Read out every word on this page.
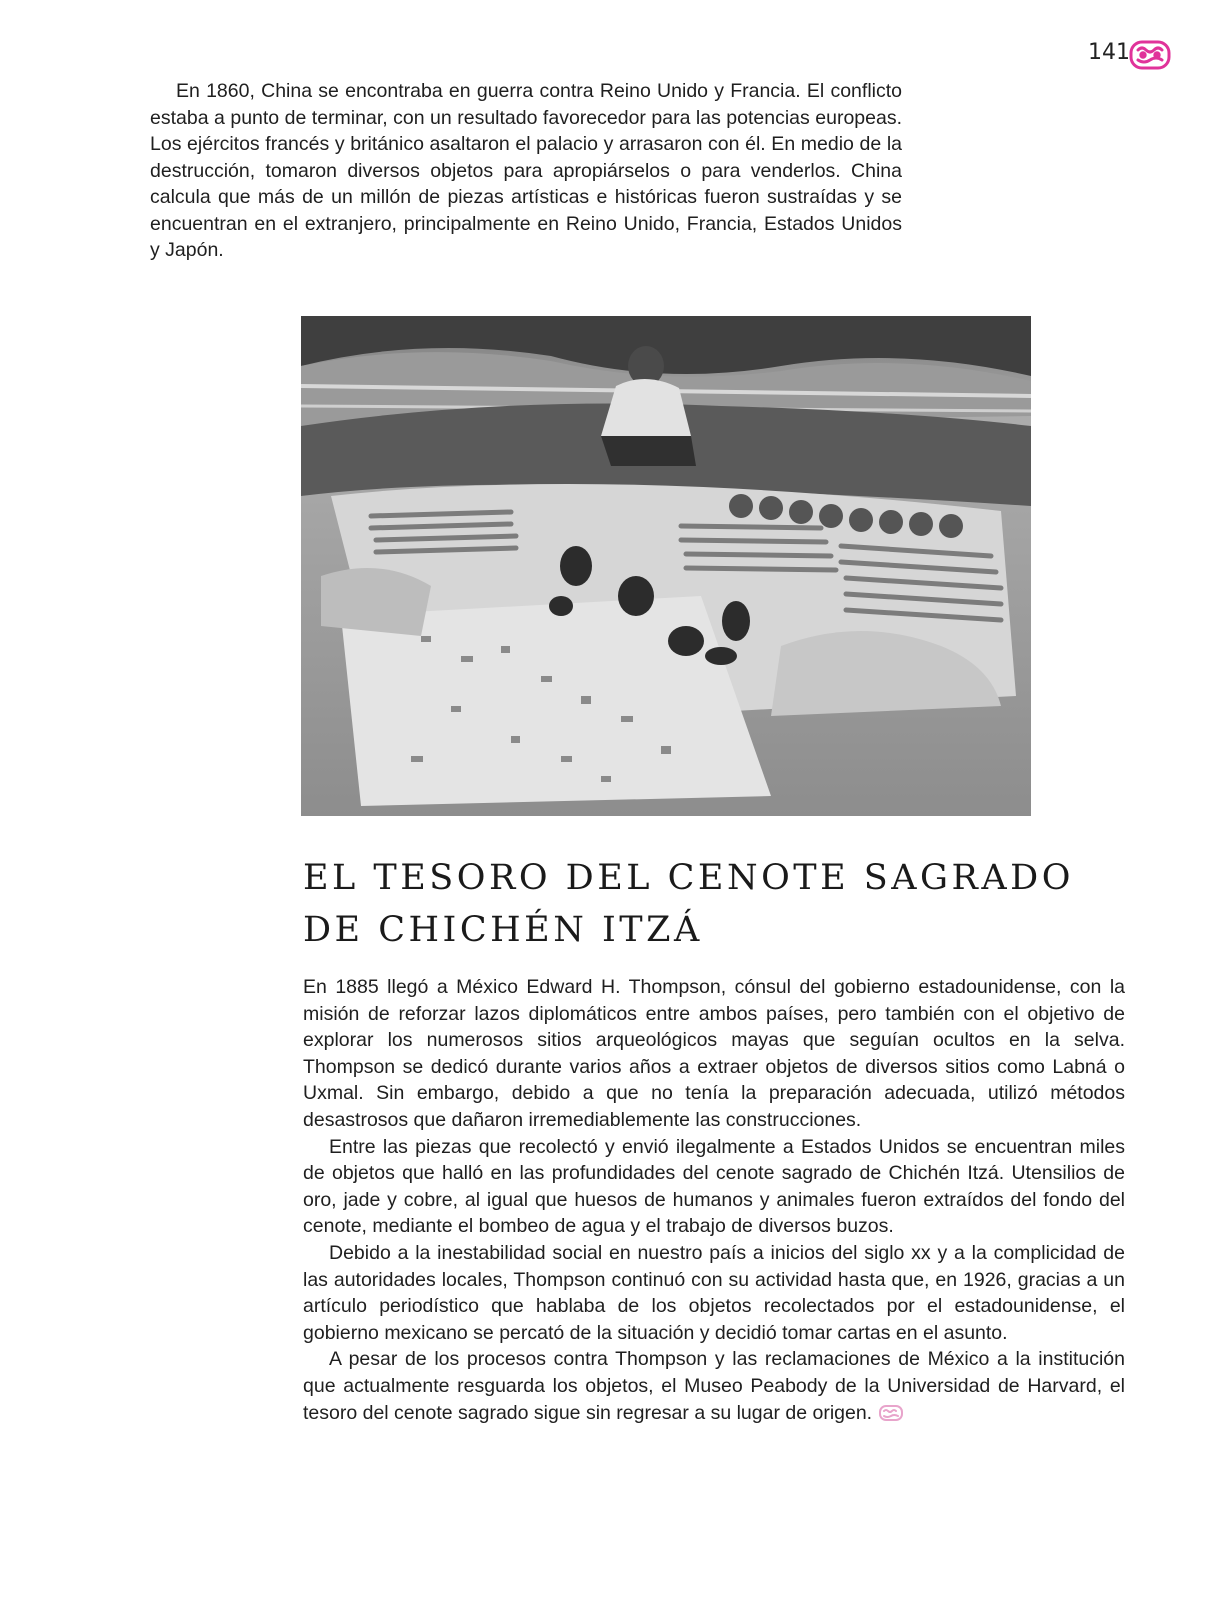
141

En 1860, China se encontraba en guerra contra Reino Unido y Francia. El conflicto estaba a punto de terminar, con un resultado favorecedor para las potencias europeas. Los ejércitos francés y británico asaltaron el palacio y arrasaron con él. En medio de la destrucción, tomaron diversos objetos para apropiárselos o para venderlos. China calcula que más de un millón de piezas artísticas e históricas fueron sustraídas y se encuentran en el extranjero, principalmente en Reino Unido, Francia, Estados Unidos y Japón.

EL TESORO DEL CENOTE SAGRADO DE CHICHÉN ITZÁ

En 1885 llegó a México Edward H. Thompson, cónsul del gobierno estadounidense, con la misión de reforzar lazos diplomáticos entre ambos países, pero también con el objetivo de explorar los numerosos sitios arqueológicos mayas que seguían ocultos en la selva. Thompson se dedicó durante varios años a extraer objetos de diversos sitios como Labná o Uxmal. Sin embargo, debido a que no tenía la preparación adecuada, utilizó métodos desastrosos que dañaron irremediablemente las construcciones.

Entre las piezas que recolectó y envió ilegalmente a Estados Unidos se encuentran miles de objetos que halló en las profundidades del cenote sagrado de Chichén Itzá. Utensilios de oro, jade y cobre, al igual que huesos de humanos y animales fueron extraídos del fondo del cenote, mediante el bombeo de agua y el trabajo de diversos buzos.

Debido a la inestabilidad social en nuestro país a inicios del siglo xx y a la complicidad de las autoridades locales, Thompson continuó con su actividad hasta que, en 1926, gracias a un artículo periodístico que hablaba de los objetos recolectados por el estadounidense, el gobierno mexicano se percató de la situación y decidió tomar cartas en el asunto.

A pesar de los procesos contra Thompson y las reclamaciones de México a la institución que actualmente resguarda los objetos, el Museo Peabody de la Universidad de Harvard, el tesoro del cenote sagrado sigue sin regresar a su lugar de origen.
